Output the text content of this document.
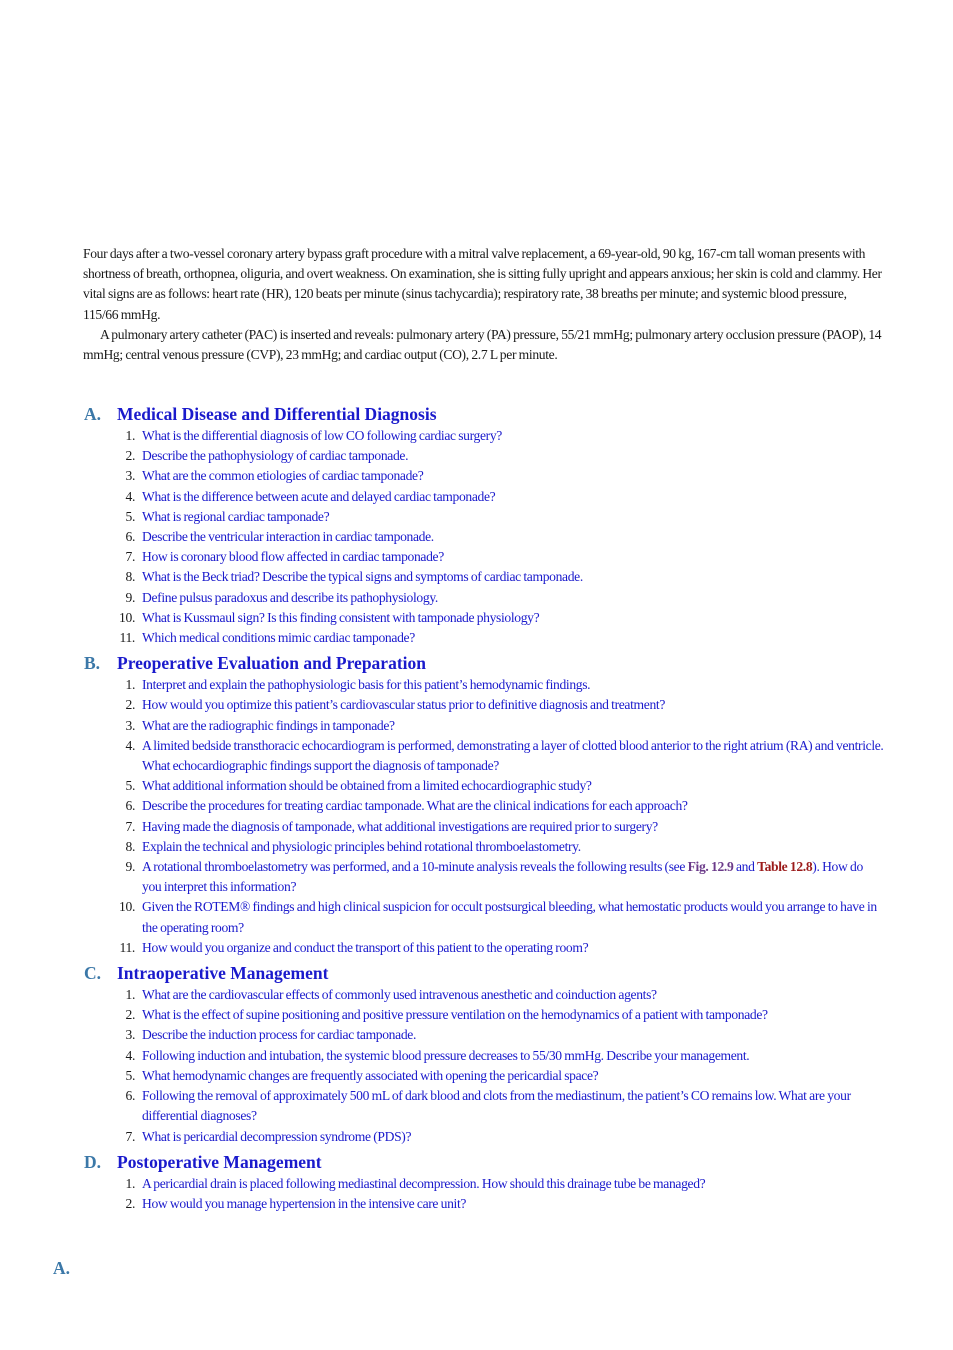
Four days after a two-vessel coronary artery bypass graft procedure with a mitral valve replacement, a 69-year-old, 90 kg, 167-cm tall woman presents with shortness of breath, orthopnea, oliguria, and overt weakness. On examination, she is sitting fully upright and appears anxious; her skin is cold and clammy. Her vital signs are as follows: heart rate (HR), 120 beats per minute (sinus tachycardia); respiratory rate, 38 breaths per minute; and systemic blood pressure, 115/66 mmHg.

A pulmonary artery catheter (PAC) is inserted and reveals: pulmonary artery (PA) pressure, 55/21 mmHg; pulmonary artery occlusion pressure (PAOP), 14 mmHg; central venous pressure (CVP), 23 mmHg; and cardiac output (CO), 2.7 L per minute.

A. Medical Disease and Differential Diagnosis
1. What is the differential diagnosis of low CO following cardiac surgery?
2. Describe the pathophysiology of cardiac tamponade.
3. What are the common etiologies of cardiac tamponade?
4. What is the difference between acute and delayed cardiac tamponade?
5. What is regional cardiac tamponade?
6. Describe the ventricular interaction in cardiac tamponade.
7. How is coronary blood flow affected in cardiac tamponade?
8. What is the Beck triad? Describe the typical signs and symptoms of cardiac tamponade.
9. Define pulsus paradoxus and describe its pathophysiology.
10. What is Kussmaul sign? Is this finding consistent with tamponade physiology?
11. Which medical conditions mimic cardiac tamponade?
B. Preoperative Evaluation and Preparation
1. Interpret and explain the pathophysiologic basis for this patient’s hemodynamic findings.
2. How would you optimize this patient’s cardiovascular status prior to definitive diagnosis and treatment?
3. What are the radiographic findings in tamponade?
4. A limited bedside transthoracic echocardiogram is performed, demonstrating a layer of clotted blood anterior to the right atrium (RA) and ventricle. What echocardiographic findings support the diagnosis of tamponade?
5. What additional information should be obtained from a limited echocardiographic study?
6. Describe the procedures for treating cardiac tamponade. What are the clinical indications for each approach?
7. Having made the diagnosis of tamponade, what additional investigations are required prior to surgery?
8. Explain the technical and physiologic principles behind rotational thromboelastometry.
9. A rotational thromboelastometry was performed, and a 10-minute analysis reveals the following results (see Fig. 12.9 and Table 12.8). How do you interpret this information?
10. Given the ROTEM® findings and high clinical suspicion for occult postsurgical bleeding, what hemostatic products would you arrange to have in the operating room?
11. How would you organize and conduct the transport of this patient to the operating room?
C. Intraoperative Management
1. What are the cardiovascular effects of commonly used intravenous anesthetic and coinduction agents?
2. What is the effect of supine positioning and positive pressure ventilation on the hemodynamics of a patient with tamponade?
3. Describe the induction process for cardiac tamponade.
4. Following induction and intubation, the systemic blood pressure decreases to 55/30 mmHg. Describe your management.
5. What hemodynamic changes are frequently associated with opening the pericardial space?
6. Following the removal of approximately 500 mL of dark blood and clots from the mediastinum, the patient’s CO remains low. What are your differential diagnoses?
7. What is pericardial decompression syndrome (PDS)?
D. Postoperative Management
1. A pericardial drain is placed following mediastinal decompression. How should this drainage tube be managed?
2. How would you manage hypertension in the intensive care unit?
A.
